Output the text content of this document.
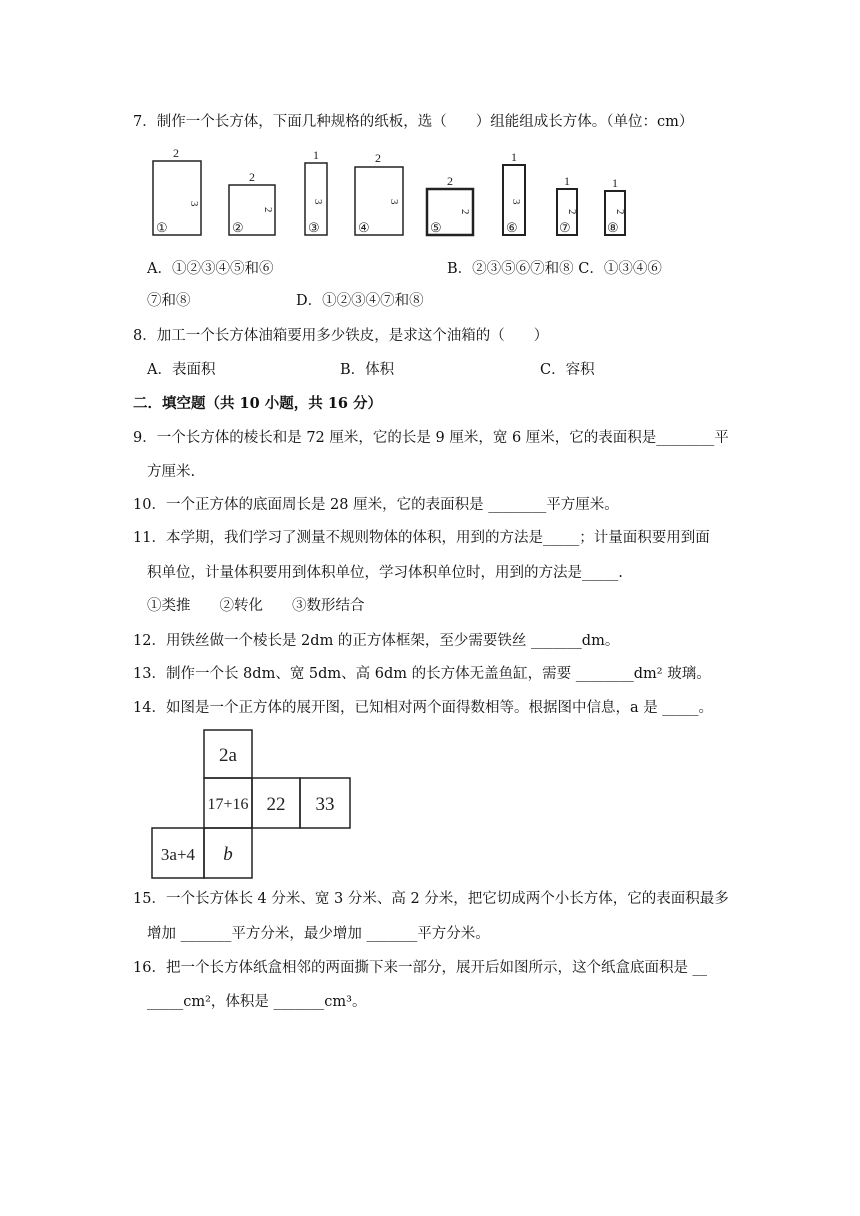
7．制作一个长方体，下面几种规格的纸板，选（　　）组能组成长方体。（单位：cm）
2
3
①
2
2
②
1
3
③
2
3
④
2
2
⑤
1
3
⑥
1
2
⑦
1
2
⑧
A．①②③④⑤和⑥	B．②③⑤⑥⑦和⑧ C．①③④⑥
⑦和⑧	D．①②③④⑦和⑧
8．加工一个长方体油箱要用多少铁皮，是求这个油箱的（　　）
A．表面积	B．体积	C．容积
二．填空题（共 10 小题，共 16 分）
9．一个长方体的棱长和是 72 厘米，它的长是 9 厘米，宽 6 厘米，它的表面积是________平
方厘米.
10．一个正方体的底面周长是 28 厘米，它的表面积是 ________平方厘米。
11．本学期，我们学习了测量不规则物体的体积，用到的方法是_____；计量面积要用到面
积单位，计量体积要用到体积单位，学习体积单位时，用到的方法是_____.
①类推　　②转化　　③数形结合
12．用铁丝做一个棱长是 2dm 的正方体框架，至少需要铁丝 _______dm。
13．制作一个长 8dm、宽 5dm、高 6dm 的长方体无盖鱼缸，需要 ________dm² 玻璃。
14．如图是一个正方体的展开图，已知相对两个面得数相等。根据图中信息，a 是 _____。
2a
17+16 22 33
3a+4 b
15．一个长方体长 4 分米、宽 3 分米、高 2 分米，把它切成两个小长方体，它的表面积最多
增加 _______平方分米，最少增加 _______平方分米。
16．把一个长方体纸盒相邻的两面撕下来一部分，展开后如图所示，这个纸盒底面积是 __
_____cm²，体积是 _______cm³。
